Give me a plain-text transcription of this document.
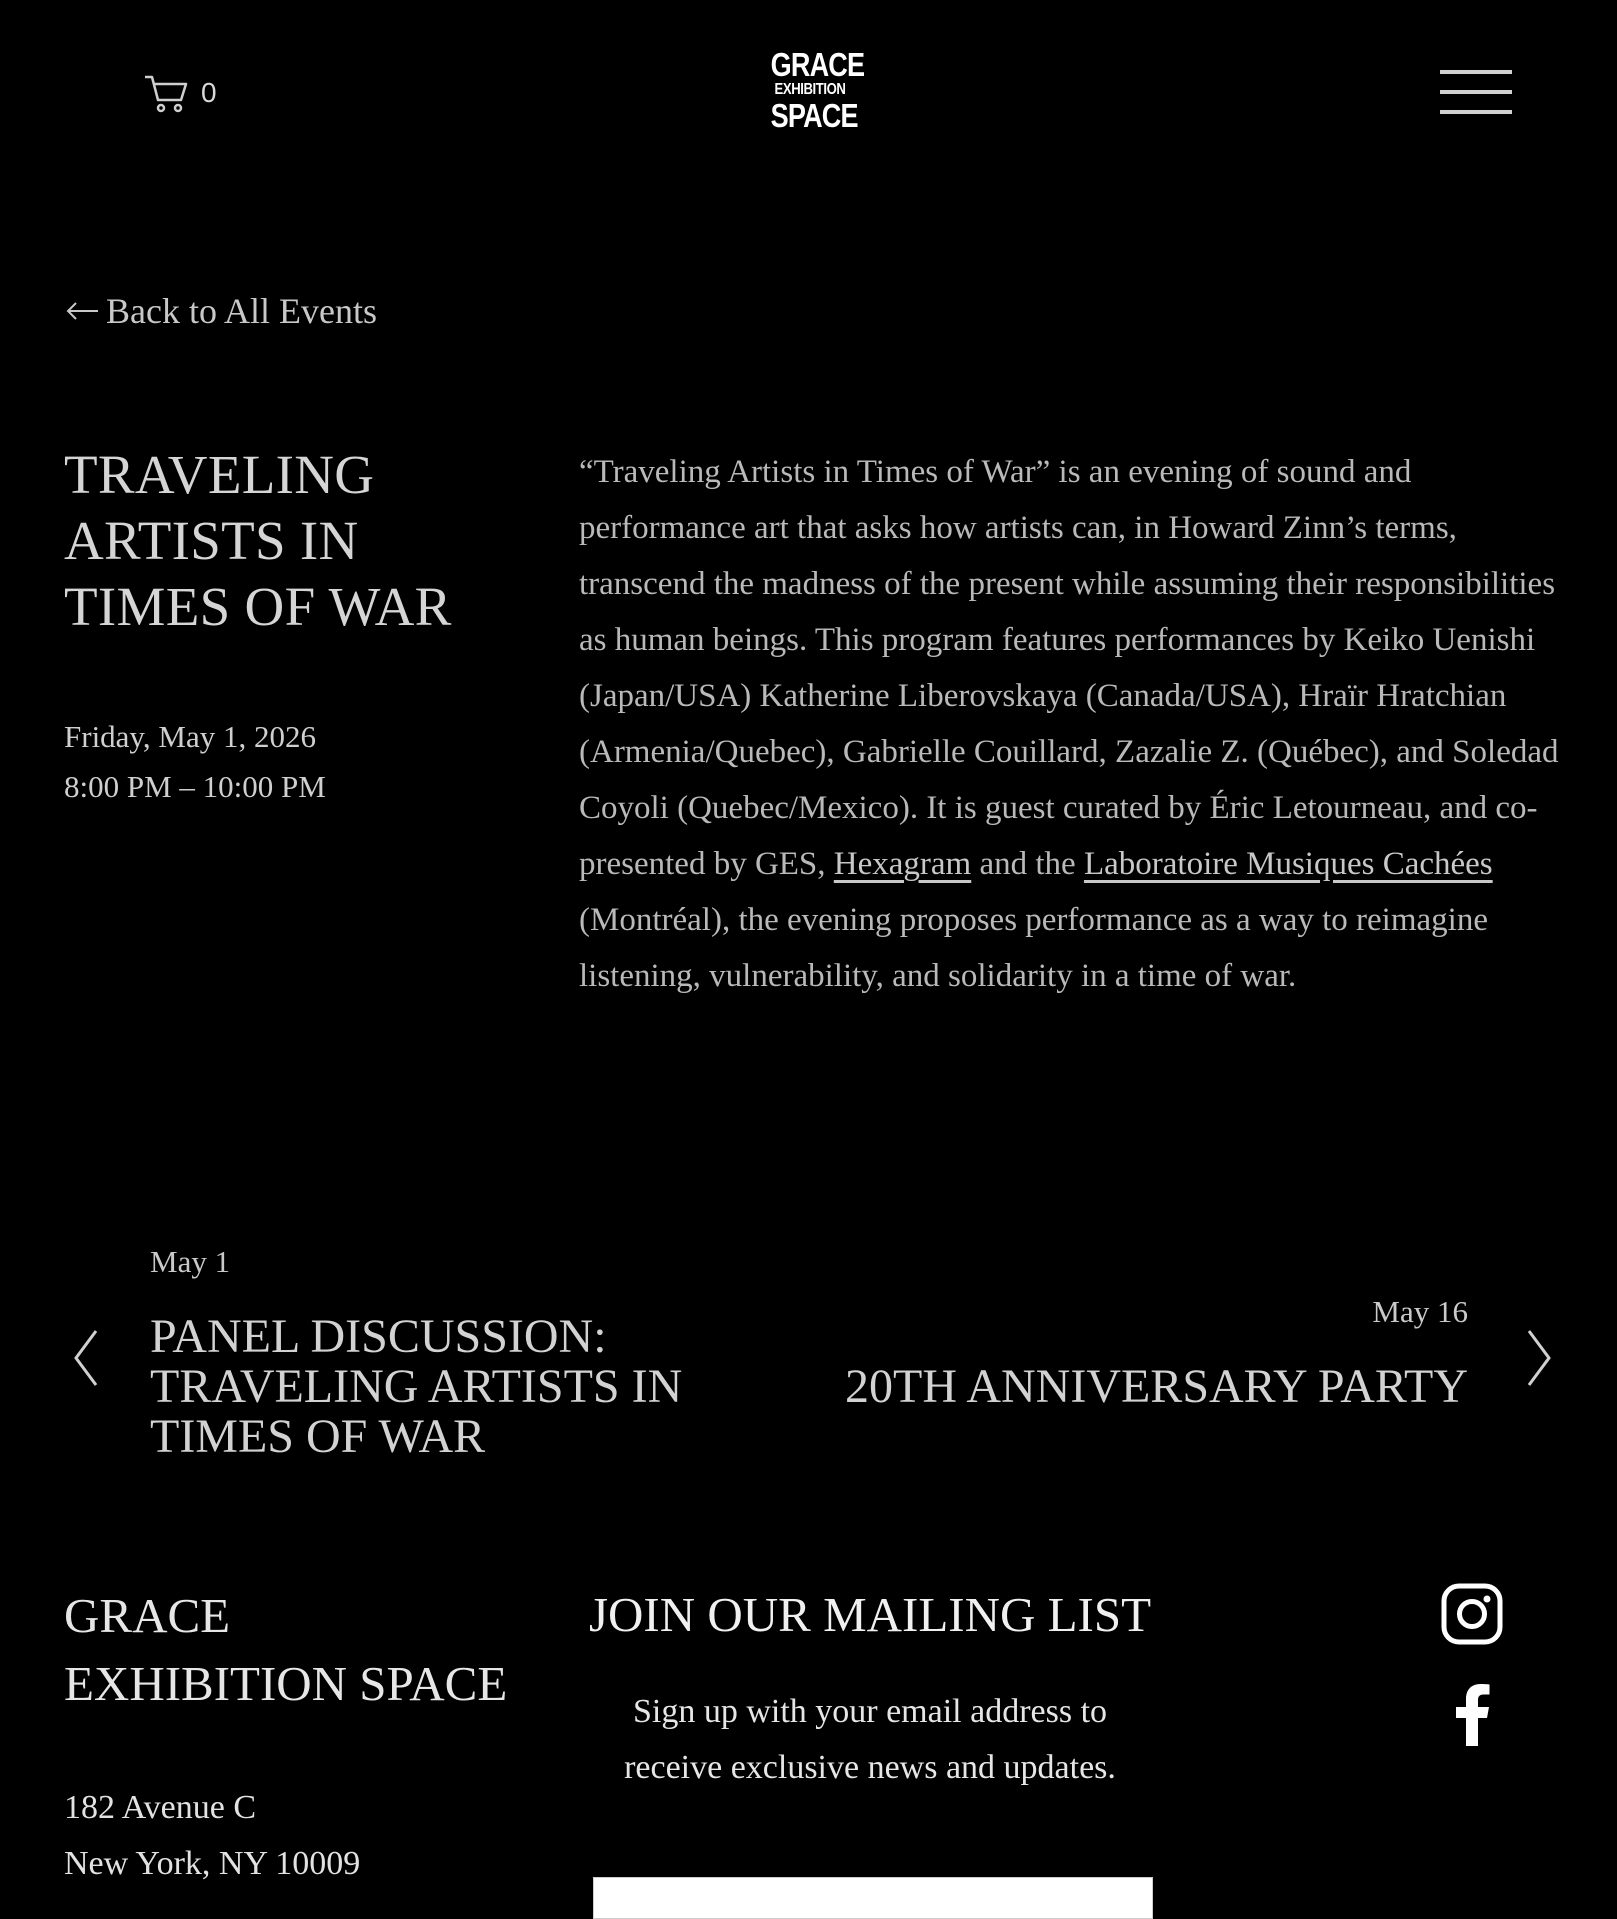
0
GRACE
EXHIBITION
SPACE
Back to All Events
TRAVELING ARTISTS IN TIMES OF WAR
Friday, May 1, 2026
8:00 PM – 10:00 PM

“Traveling Artists in Times of War” is an evening of sound and performance art that asks how artists can, in Howard Zinn’s terms, transcend the madness of the present while assuming their responsibilities as human beings. This program features performances by Keiko Uenishi (Japan/USA) Katherine Liberovskaya (Canada/USA), Hraïr Hratchian (Armenia/Quebec), Gabrielle Couillard, Zazalie Z. (Québec), and Soledad Coyoli (Quebec/Mexico). It is guest curated by Éric Letourneau, and co-presented by GES, Hexagram and the Laboratoire Musiques Cachées (Montréal), the evening proposes performance as a way to reimagine listening, vulnerability, and solidarity in a time of war.

May 1
PANEL DISCUSSION: TRAVELING ARTISTS IN TIMES OF WAR
May 16
20TH ANNIVERSARY PARTY
GRACE
EXHIBITION SPACE
182 Avenue C
New York, NY 10009
JOIN OUR MAILING LIST
Sign up with your email address to
receive exclusive news and updates.
